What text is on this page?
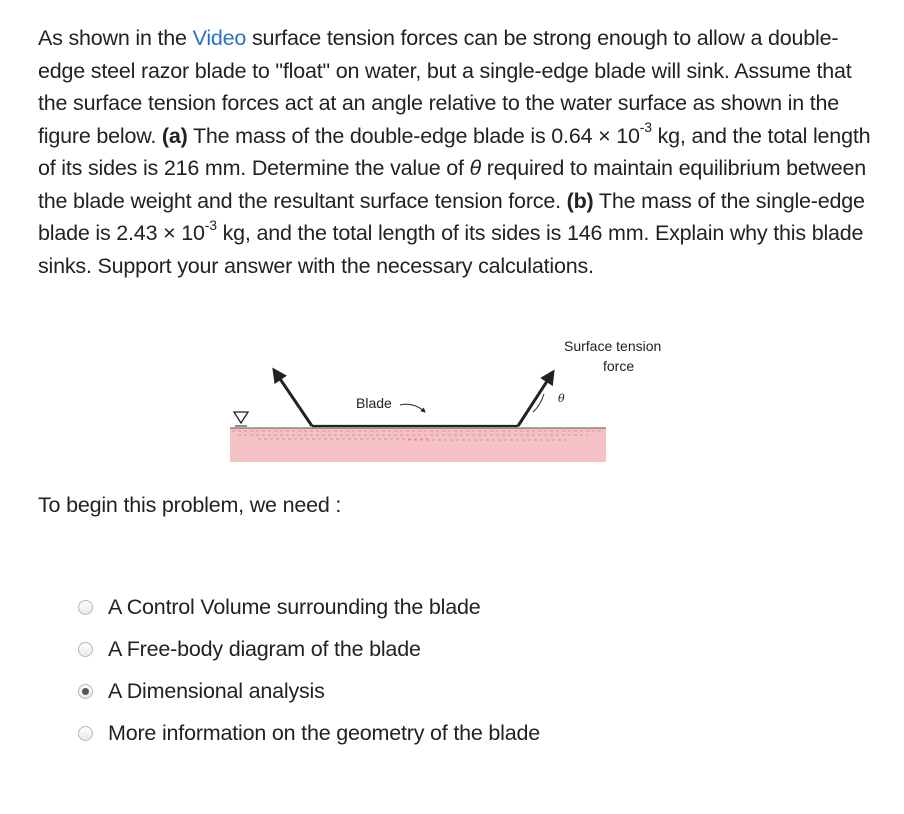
As shown in the Video surface tension forces can be strong enough to allow a double-edge steel razor blade to "float" on water, but a single-edge blade will sink. Assume that the surface tension forces act at an angle relative to the water surface as shown in the figure below. (a) The mass of the double-edge blade is $0.64 \times 10^{-3}$ kg, and the total length of its sides is 216 mm. Determine the value of θ required to maintain equilibrium between the blade weight and the resultant surface tension force. (b) The mass of the single-edge blade is $2.43 \times 10^{-3}$ kg, and the total length of its sides is 146 mm. Explain why this blade sinks. Support your answer with the necessary calculations.
Blade	θ
Surface tension
force
To begin this problem, we need :
A Control Volume surrounding the blade
A Free-body diagram of the blade
A Dimensional analysis
More information on the geometry of the blade
